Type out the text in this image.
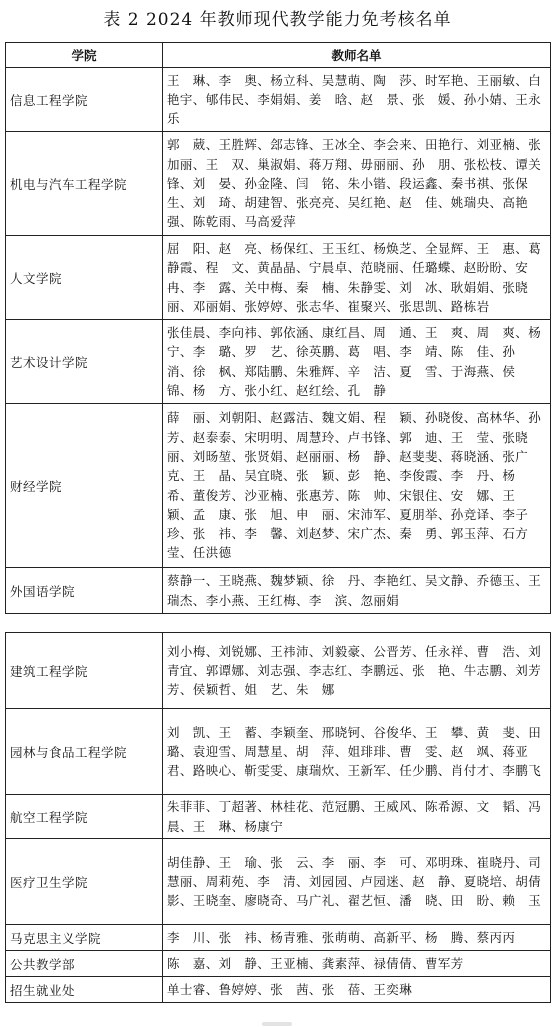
表 2 2024 年教师现代教学能力免考核名单
学院	教师名单
信息工程学院	王　琳、李　奥、杨立科、吴慧萌、陶　莎、时军艳、王丽敏、白艳宇、郇伟民、李娟娟、姜　晗、赵　景、张　媛、孙小婧、王永乐
机电与汽车工程学院	郭　葳、王胜辉、郐志锋、王冰全、李会来、田艳行、刘亚楠、张加丽、王　双、巢淑娟、蒋万翔、毋丽丽、孙　朋、张松枝、谭关锋、刘　晏、孙金隆、闫　铭、朱小锴、段运鑫、秦书祺、张保生、刘　琦、胡建智、张亮亮、吴红艳、赵　佳、姚瑞央、高艳强、陈乾雨、马高爱萍
人文学院	屈　阳、赵　亮、杨保红、王玉红、杨焕芝、全显辉、王　惠、葛静霞、程　文、黄晶晶、宁晨卓、范晓丽、任璐蝶、赵盼盼、安　冉、李　露、关中梅、秦　楠、朱静雯、刘　冰、耿娟娟、张晓丽、邓丽娟、张婷婷、张志华、崔聚兴、张思凯、路栋岩
艺术设计学院	张佳晨、李向祎、郭依涵、康红昌、周　通、王　爽、周　爽、杨　宁、李　璐、罗　艺、徐英鹏、葛　唱、李　靖、陈　佳、孙　消、徐　枫、郑陆鹏、朱雅辉、辛　洁、夏　雪、于海燕、侯　锦、杨　方、张小红、赵红绘、孔　静
财经学院	薛　丽、刘朝阳、赵露洁、魏文娟、程　颖、孙晓俊、高林华、孙　芳、赵泰泰、宋明明、周慧玲、卢书锋、郭　迪、王　莹、张晓丽、刘旸堃、张贤娟、赵丽丽、杨　静、赵斐斐、蒋晓涵、张广克、王　晶、吴宜晓、张　颖、彭　艳、李俊霞、李　丹、杨　希、董俊芳、沙亚楠、张惠芳、陈　帅、宋银住、安　娜、王　颖、孟　康、张　旭、申　丽、宋沛军、夏朋举、孙竞译、李子珍、张　祎、李　馨、刘赵梦、宋广杰、秦　勇、郭玉萍、石方莹、任洪德
外国语学院	蔡静一、王晓燕、魏梦颖、徐　丹、李艳红、吴文静、乔德玉、王瑞杰、李小燕、王红梅、李　滨、忽丽娟
建筑工程学院	刘小梅、刘锐娜、王祎沛、刘毅豪、公晋芳、任永祥、曹　浩、刘青宜、郭谭娜、刘志强、李志红、李鹏远、张　艳、牛志鹏、刘芳芳、侯颖哲、姐　艺、朱　娜
园林与食品工程学院	刘　凯、王　蓄、李颖奎、邢晓钶、谷俊华、王　攀、黄　斐、田　璐、袁迎雪、周慧星、胡　萍、姐琲琲、曹　雯、赵　飒、蒋亚君、路映心、靳雯雯、康瑞炊、王新军、任少鹏、肖付才、李鹏飞
航空工程学院	朱菲菲、丁超著、林桂花、范冠鹏、王威风、陈希源、文　韬、冯　晨、王　琳、杨康宁
医疗卫生学院	胡佳静、王　瑜、张　云、李　丽、李　可、邓明珠、崔晓丹、司慧丽、周莉苑、李　清、刘园园、卢园迷、赵　静、夏晓培、胡倩影、王晓奎、廖晓奇、马广礼、翟艺恒、潘　晓、田　盼、赖　玉
马克思主义学院	李　川、张　祎、杨青雅、张萌萌、高新平、杨　腾、蔡丙丙
公共教学部	陈　嘉、刘　静、王亚楠、龚素萍、禄倩倩、曹军芳
招生就业处	单士睿、鲁婷婷、张　茜、张　蓓、王奕琳
